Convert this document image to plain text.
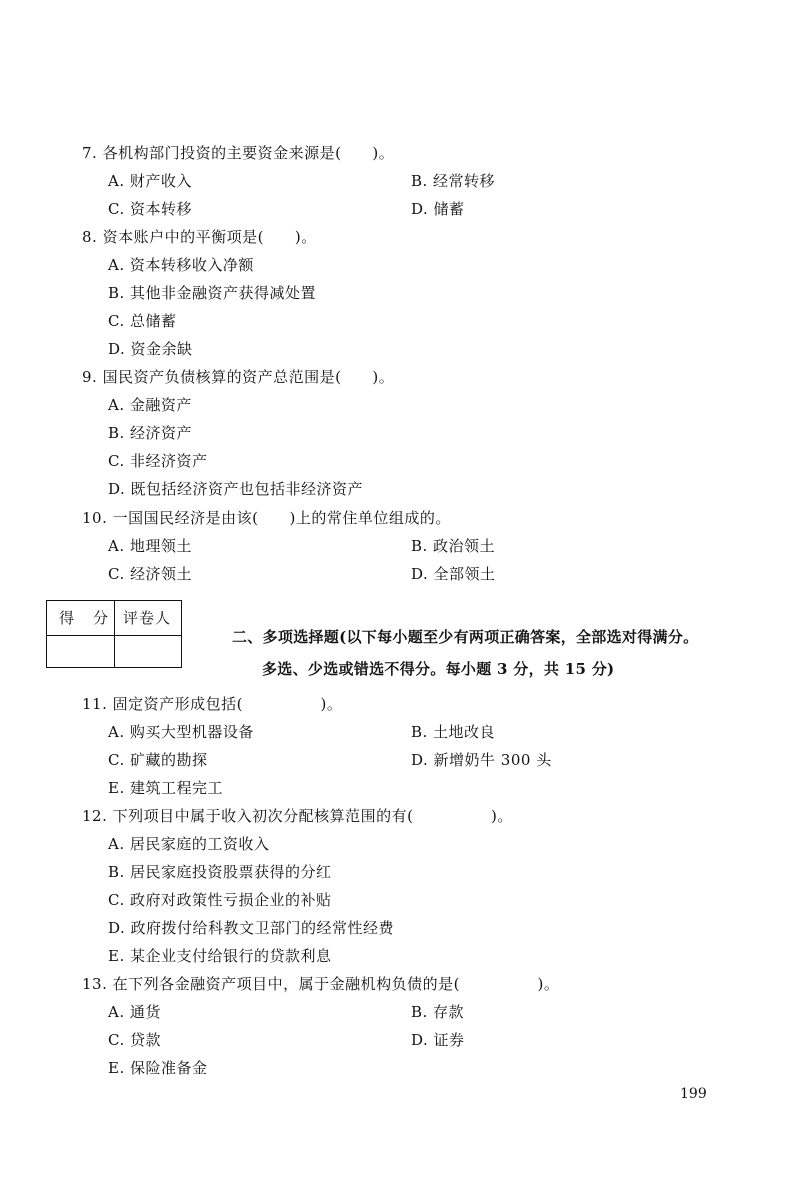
7. 各机构部门投资的主要资金来源是(　　)。
A. 财产收入	B. 经常转移
C. 资本转移	D. 储蓄
8. 资本账户中的平衡项是(　　)。
A. 资本转移收入净额
B. 其他非金融资产获得减处置
C. 总储蓄
D. 资金余缺
9. 国民资产负债核算的资产总范围是(　　)。
A. 金融资产
B. 经济资产
C. 非经济资产
D. 既包括经济资产也包括非经济资产
10. 一国国民经济是由该(　　)上的常住单位组成的。
A. 地理领土	B. 政治领土
C. 经济领土	D. 全部领土
得　分 评卷人
二、多项选择题(以下每小题至少有两项正确答案，全部选对得满分。
多选、少选或错选不得分。每小题 3 分，共 15 分)
11. 固定资产形成包括(　　　　　)。
A. 购买大型机器设备	B. 土地改良
C. 矿藏的勘探	D. 新增奶牛 300 头
E. 建筑工程完工
12. 下列项目中属于收入初次分配核算范围的有(　　　　　)。
A. 居民家庭的工资收入
B. 居民家庭投资股票获得的分红
C. 政府对政策性亏损企业的补贴
D. 政府拨付给科教文卫部门的经常性经费
E. 某企业支付给银行的贷款利息
13. 在下列各金融资产项目中，属于金融机构负债的是(　　　　　)。
A. 通货	B. 存款
C. 贷款	D. 证券
E. 保险准备金
199
